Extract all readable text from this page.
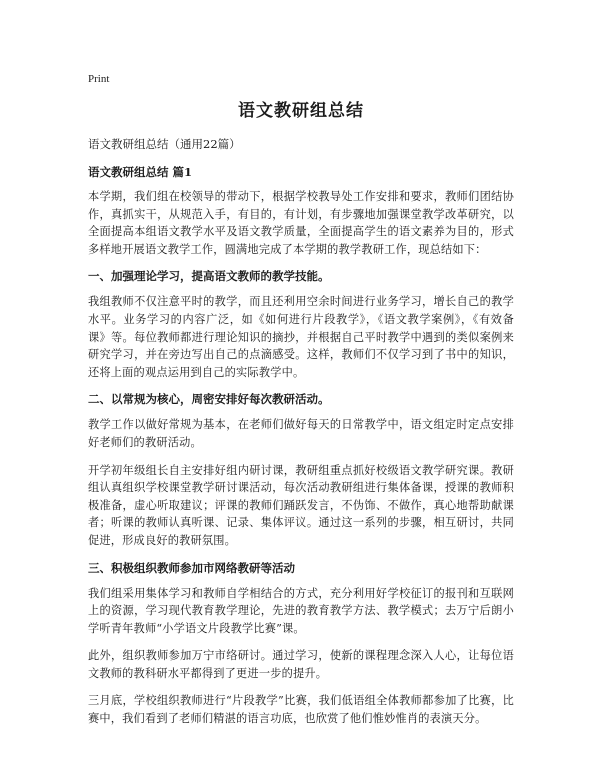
Print
语文教研组总结
语文教研组总结（通用22篇）
语文教研组总结 篇1

本学期，我们组在校领导的带动下，根据学校教导处工作安排和要求，教师们团结协作，真抓实干，从规范入手，有目的，有计划，有步骤地加强课堂教学改革研究，以全面提高本组语文教学水平及语文教学质量，全面提高学生的语文素养为目的，形式多样地开展语文教学工作，圆满地完成了本学期的教学教研工作，现总结如下：

一、加强理论学习，提高语文教师的教学技能。

我组教师不仅注意平时的教学，而且还利用空余时间进行业务学习，增长自己的教学水平。业务学习的内容广泛，如《如何进行片段教学》，《语文教学案例》，《有效备课》等。每位教师都进行理论知识的摘抄，并根据自己平时教学中遇到的类似案例来研究学习，并在旁边写出自己的点滴感受。这样，教师们不仅学习到了书中的知识，还将上面的观点运用到自己的实际教学中。

二、以常规为核心，周密安排好每次教研活动。

教学工作以做好常规为基本，在老师们做好每天的日常教学中，语文组定时定点安排好老师们的教研活动。

开学初年级组长自主安排好组内研讨课，教研组重点抓好校级语文教学研究课。教研组认真组织学校课堂教学研讨课活动，每次活动教研组进行集体备课，授课的教师积极准备，虚心听取建议；评课的教师们踊跃发言，不伪饰、不做作，真心地帮助献课者；听课的教师认真听课、记录、集体评议。通过这一系列的步骤，相互研讨，共同促进，形成良好的教研氛围。

三、积极组织教师参加市网络教研等活动

我们组采用集体学习和教师自学相结合的方式，充分利用好学校征订的报刊和互联网上的资源，学习现代教育教学理论，先进的教育教学方法、教学模式；去万宁后朗小学听青年教师“小学语文片段教学比赛”课。

此外，组织教师参加万宁市络研讨。通过学习，使新的课程理念深入人心，让每位语文教师的教科研水平都得到了更进一步的提升。

三月底，学校组织教师进行“片段教学”比赛，我们低语组全体教师都参加了比赛，比赛中，我们看到了老师们精湛的语言功底，也欣赏了他们惟妙惟肖的表演天分。
